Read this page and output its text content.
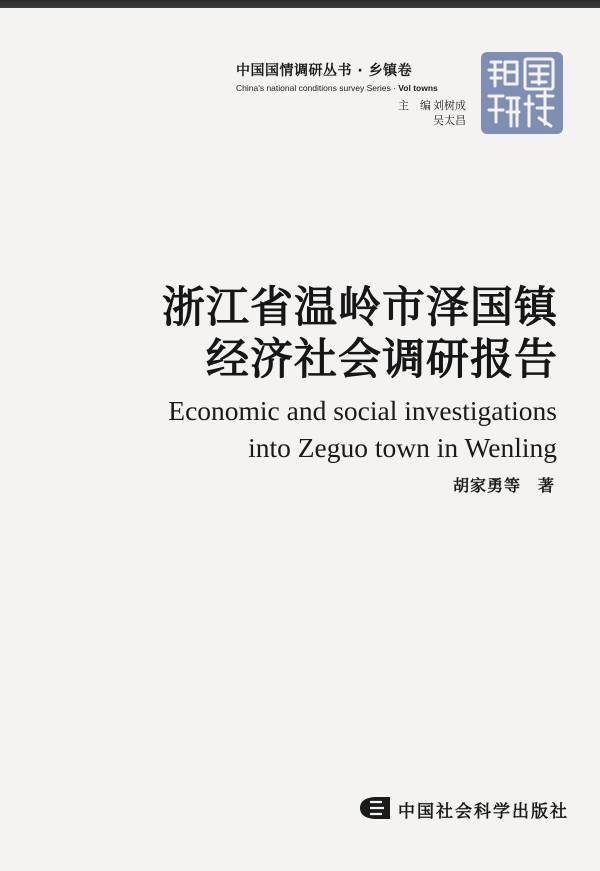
中国国情调研丛书 · 乡镇卷
China's national conditions survey Series · Vol towns
主　编 刘树成
吴太昌
浙江省温岭市泽国镇
经济社会调研报告
Economic and social investigations
into Zeguo town in Wenling
胡家勇等  著
中国社会科学出版社
